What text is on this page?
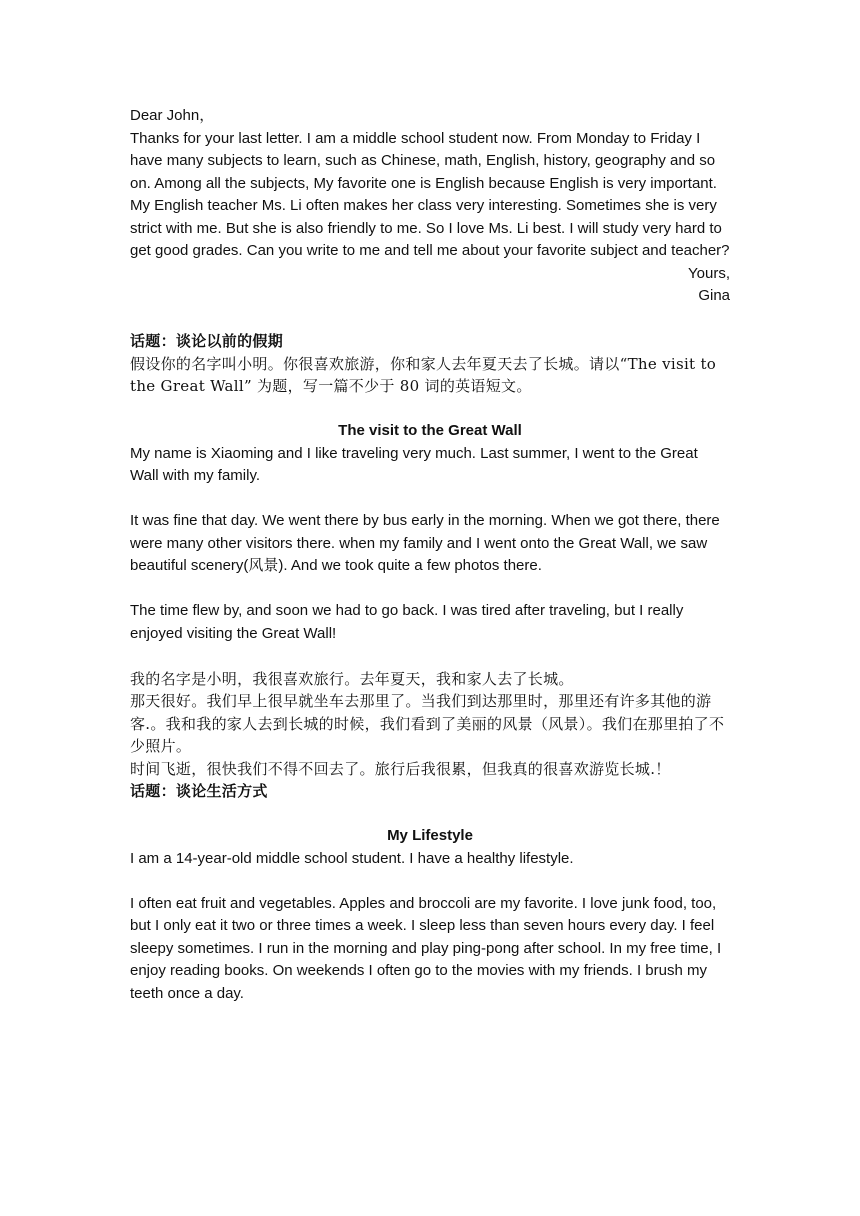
Dear John，

Thanks for your last letter. I am a middle school student now. From Monday to Friday I have many subjects to learn, such as Chinese, math, English, history, geography and so on. Among all the subjects, My favorite one is English because English is very important. My English teacher Ms. Li often makes her class very interesting. Sometimes she is very strict with me. But she is also friendly to me. So I love Ms. Li best. I will study very hard to get good grades. Can you write to me and tell me about your favorite subject and teacher?

Yours,

Gina

话题：谈论以前的假期

假设你的名字叫小明。你很喜欢旅游，你和家人去年夏天去了长城。请以“The visit to the Great Wall” 为题，写一篇不少于 80 词的英语短文。

The visit to the Great Wall

My name is Xiaoming and I like traveling very much. Last summer, I went to the Great Wall with my family.

It was fine that day. We went there by bus early in the morning. When we got there, there were many other visitors there. when my family and I went onto the Great Wall, we saw beautiful scenery(风景). And we took quite a few photos there.

The time flew by, and soon we had to go back. I was tired after traveling, but I really enjoyed visiting the Great Wall!

我的名字是小明，我很喜欢旅行。去年夏天，我和家人去了长城。

那天很好。我们早上很早就坐车去那里了。当我们到达那里时，那里还有许多其他的游客.。我和我的家人去到长城的时候，我们看到了美丽的风景（风景）。我们在那里拍了不少照片。

时间飞逝，很快我们不得不回去了。旅行后我很累，但我真的很喜欢游览长城.！

话题：谈论生活方式

My Lifestyle

I am a 14-year-old middle school student. I have a healthy lifestyle.

I often eat fruit and vegetables. Apples and broccoli are my favorite. I love junk food, too, but I only eat it two or three times a week. I sleep less than seven hours every day. I feel sleepy sometimes. I run in the morning and play ping-pong after school. In my free time, I enjoy reading books. On weekends I often go to the movies with my friends. I brush my teeth once a day.
